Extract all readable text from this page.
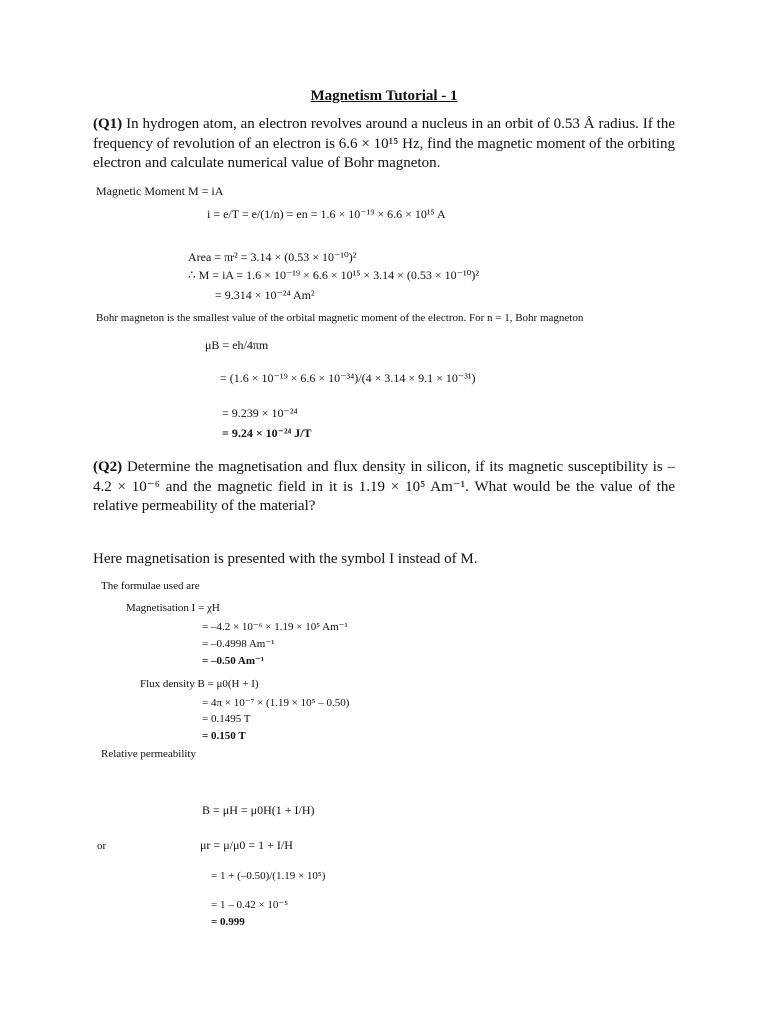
Magnetism Tutorial - 1
(Q1) In hydrogen atom, an electron revolves around a nucleus in an orbit of 0.53 Å radius. If the frequency of revolution of an electron is 6.6 × 10¹⁵ Hz, find the magnetic moment of the orbiting electron and calculate numerical value of Bohr magneton.
Magnetic Moment M = iA
i = e/T = e/(1/n) = en = 1.6 × 10⁻¹⁹ × 6.6 × 10¹⁵ A
Area = πr² = 3.14 × (0.53 × 10⁻¹⁰)²
∴ M = iA = 1.6 × 10⁻¹⁹ × 6.6 × 10¹⁵ × 3.14 × (0.53 × 10⁻¹⁰)²
= 9.314 × 10⁻²⁴ Am²
Bohr magneton is the smallest value of the orbital magnetic moment of the electron. For n = 1, Bohr magneton
μB = eh/4πm
= (1.6 × 10⁻¹⁹ × 6.6 × 10⁻³⁴)/(4 × 3.14 × 9.1 × 10⁻³¹)
= 9.239 × 10⁻²⁴
= 9.24 × 10⁻²⁴ J/T
(Q2) Determine the magnetisation and flux density in silicon, if its magnetic susceptibility is – 4.2 × 10⁻⁶ and the magnetic field in it is 1.19 × 10⁵ Am⁻¹. What would be the value of the relative permeability of the material?
Here magnetisation is presented with the symbol I instead of M.
The formulae used are
Magnetisation I = χH
= –4.2 × 10⁻⁶ × 1.19 × 10⁵ Am⁻¹
= –0.4998 Am⁻¹
= –0.50 Am⁻¹
Flux density B = μ0(H + I)
= 4π × 10⁻⁷ × (1.19 × 10⁵ – 0.50)
= 0.1495 T
= 0.150 T
Relative permeability
B = μH = μ0H(1 + I/H)
or	μr = μ/μ0 = 1 + I/H
= 1 + (–0.50)/(1.19 × 10⁵)
= 1 – 0.42 × 10⁻⁵
= 0.999
